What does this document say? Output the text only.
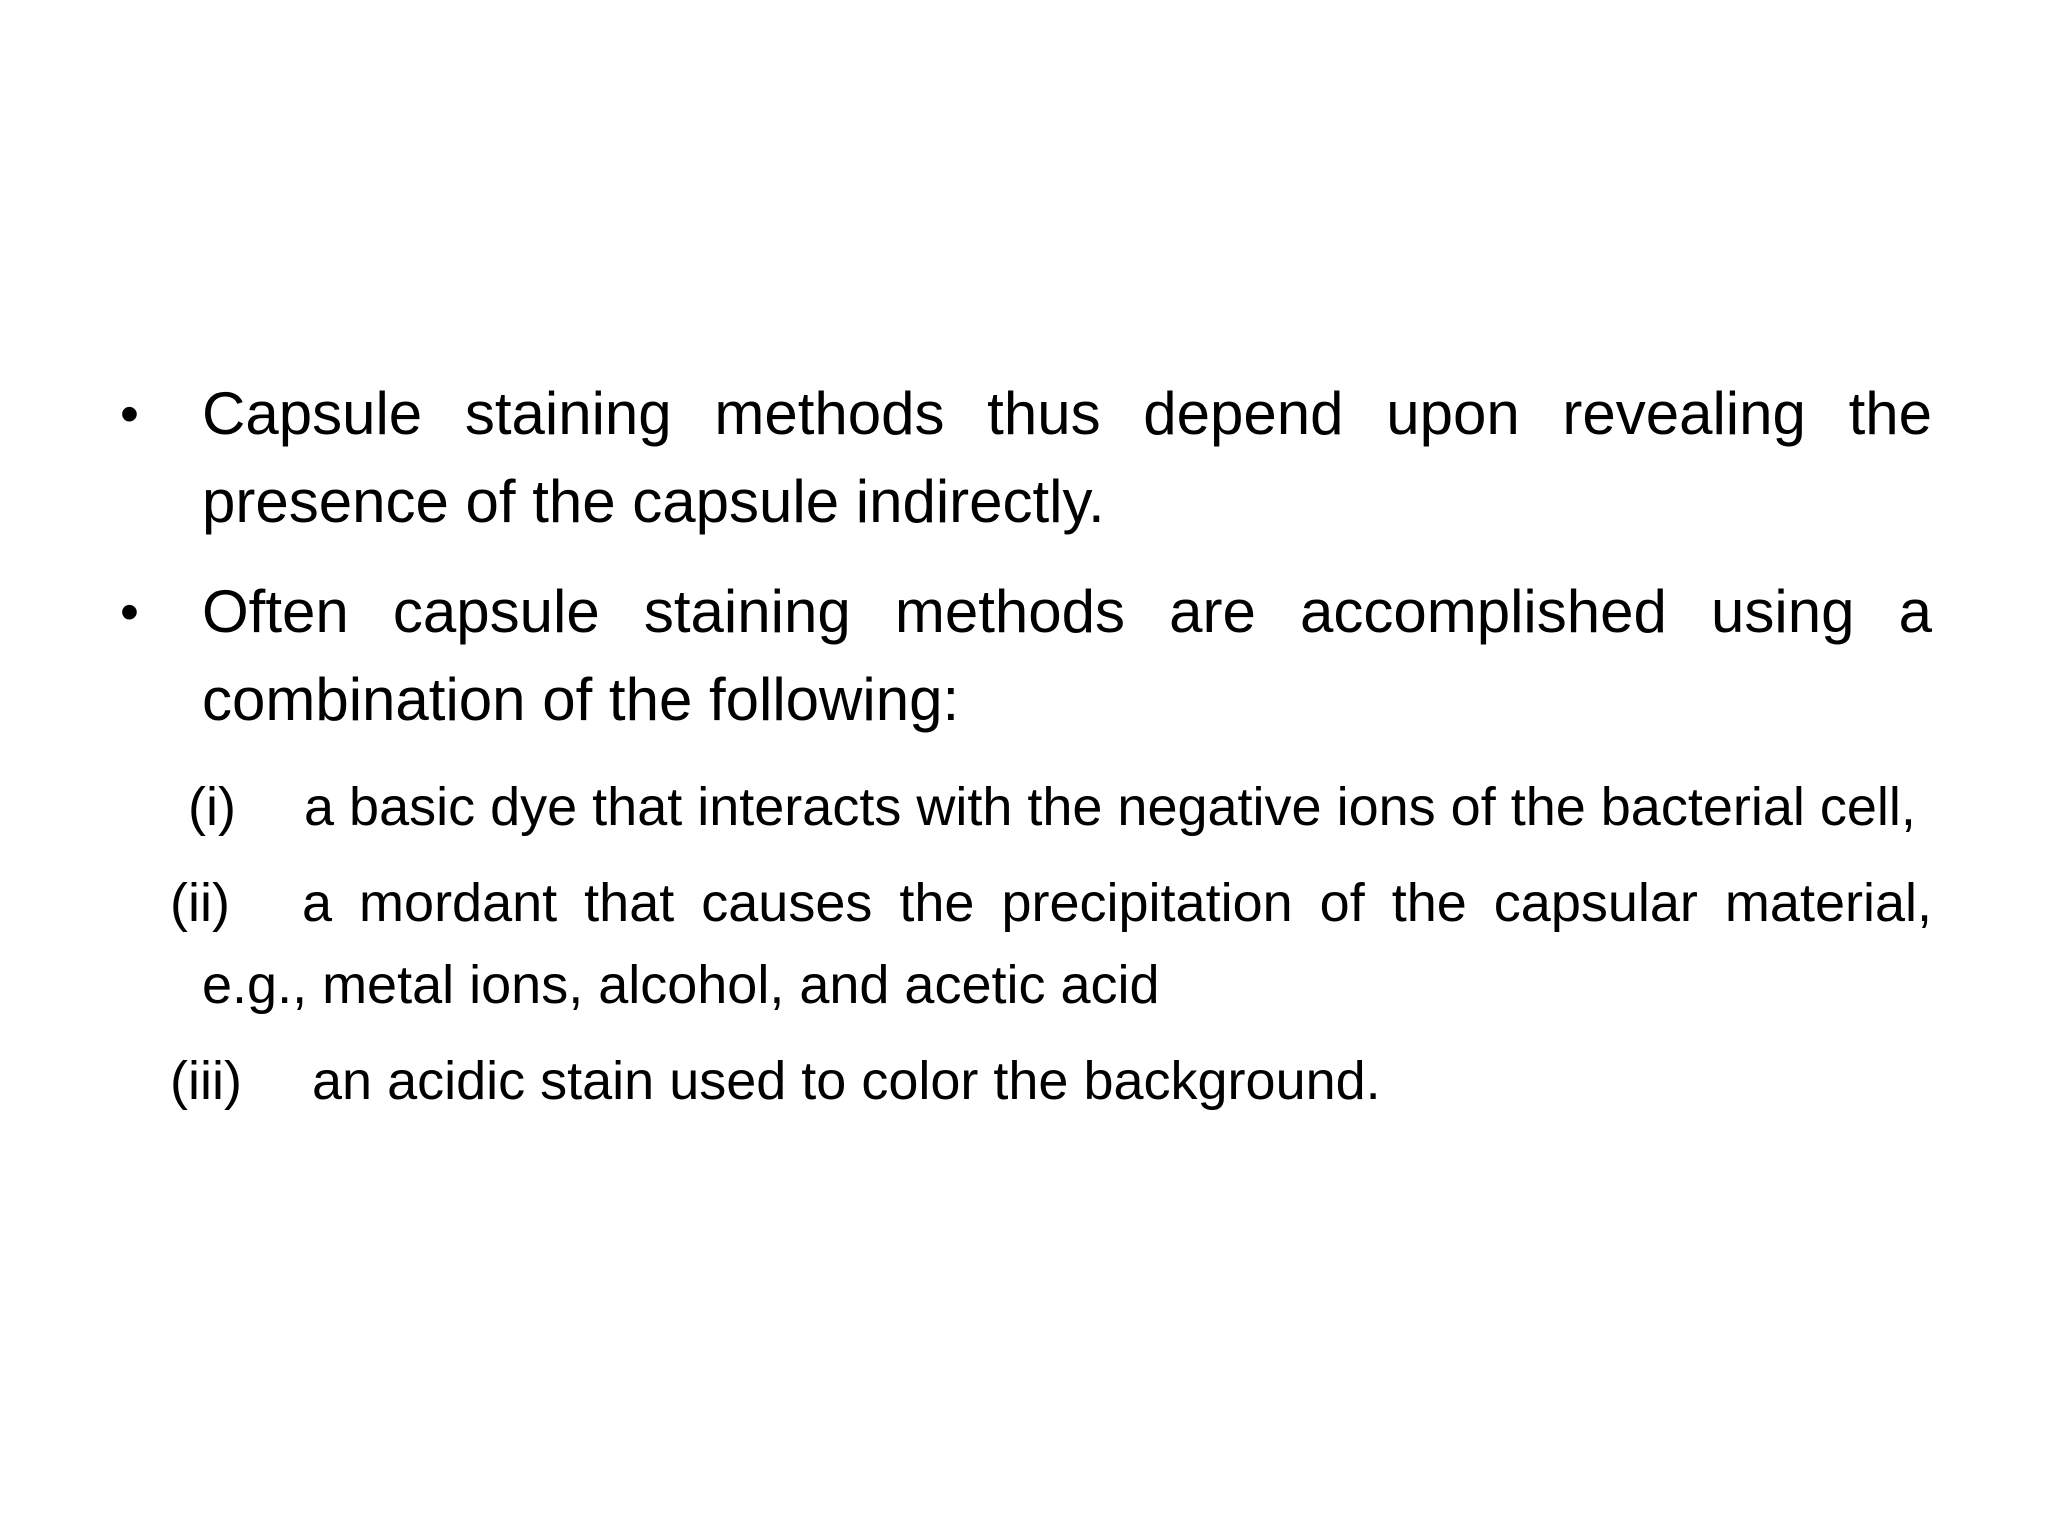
•	Capsule staining methods thus depend upon revealing the presence of the capsule indirectly.
•	Often capsule staining methods are accomplished using a combination of the following:
(i)	a basic dye that interacts with the negative ions of the bacterial cell,
(ii)	a mordant that causes the precipitation of the capsular material, e.g., metal ions, alcohol, and acetic acid
(iii)	an acidic stain used to color the background.
